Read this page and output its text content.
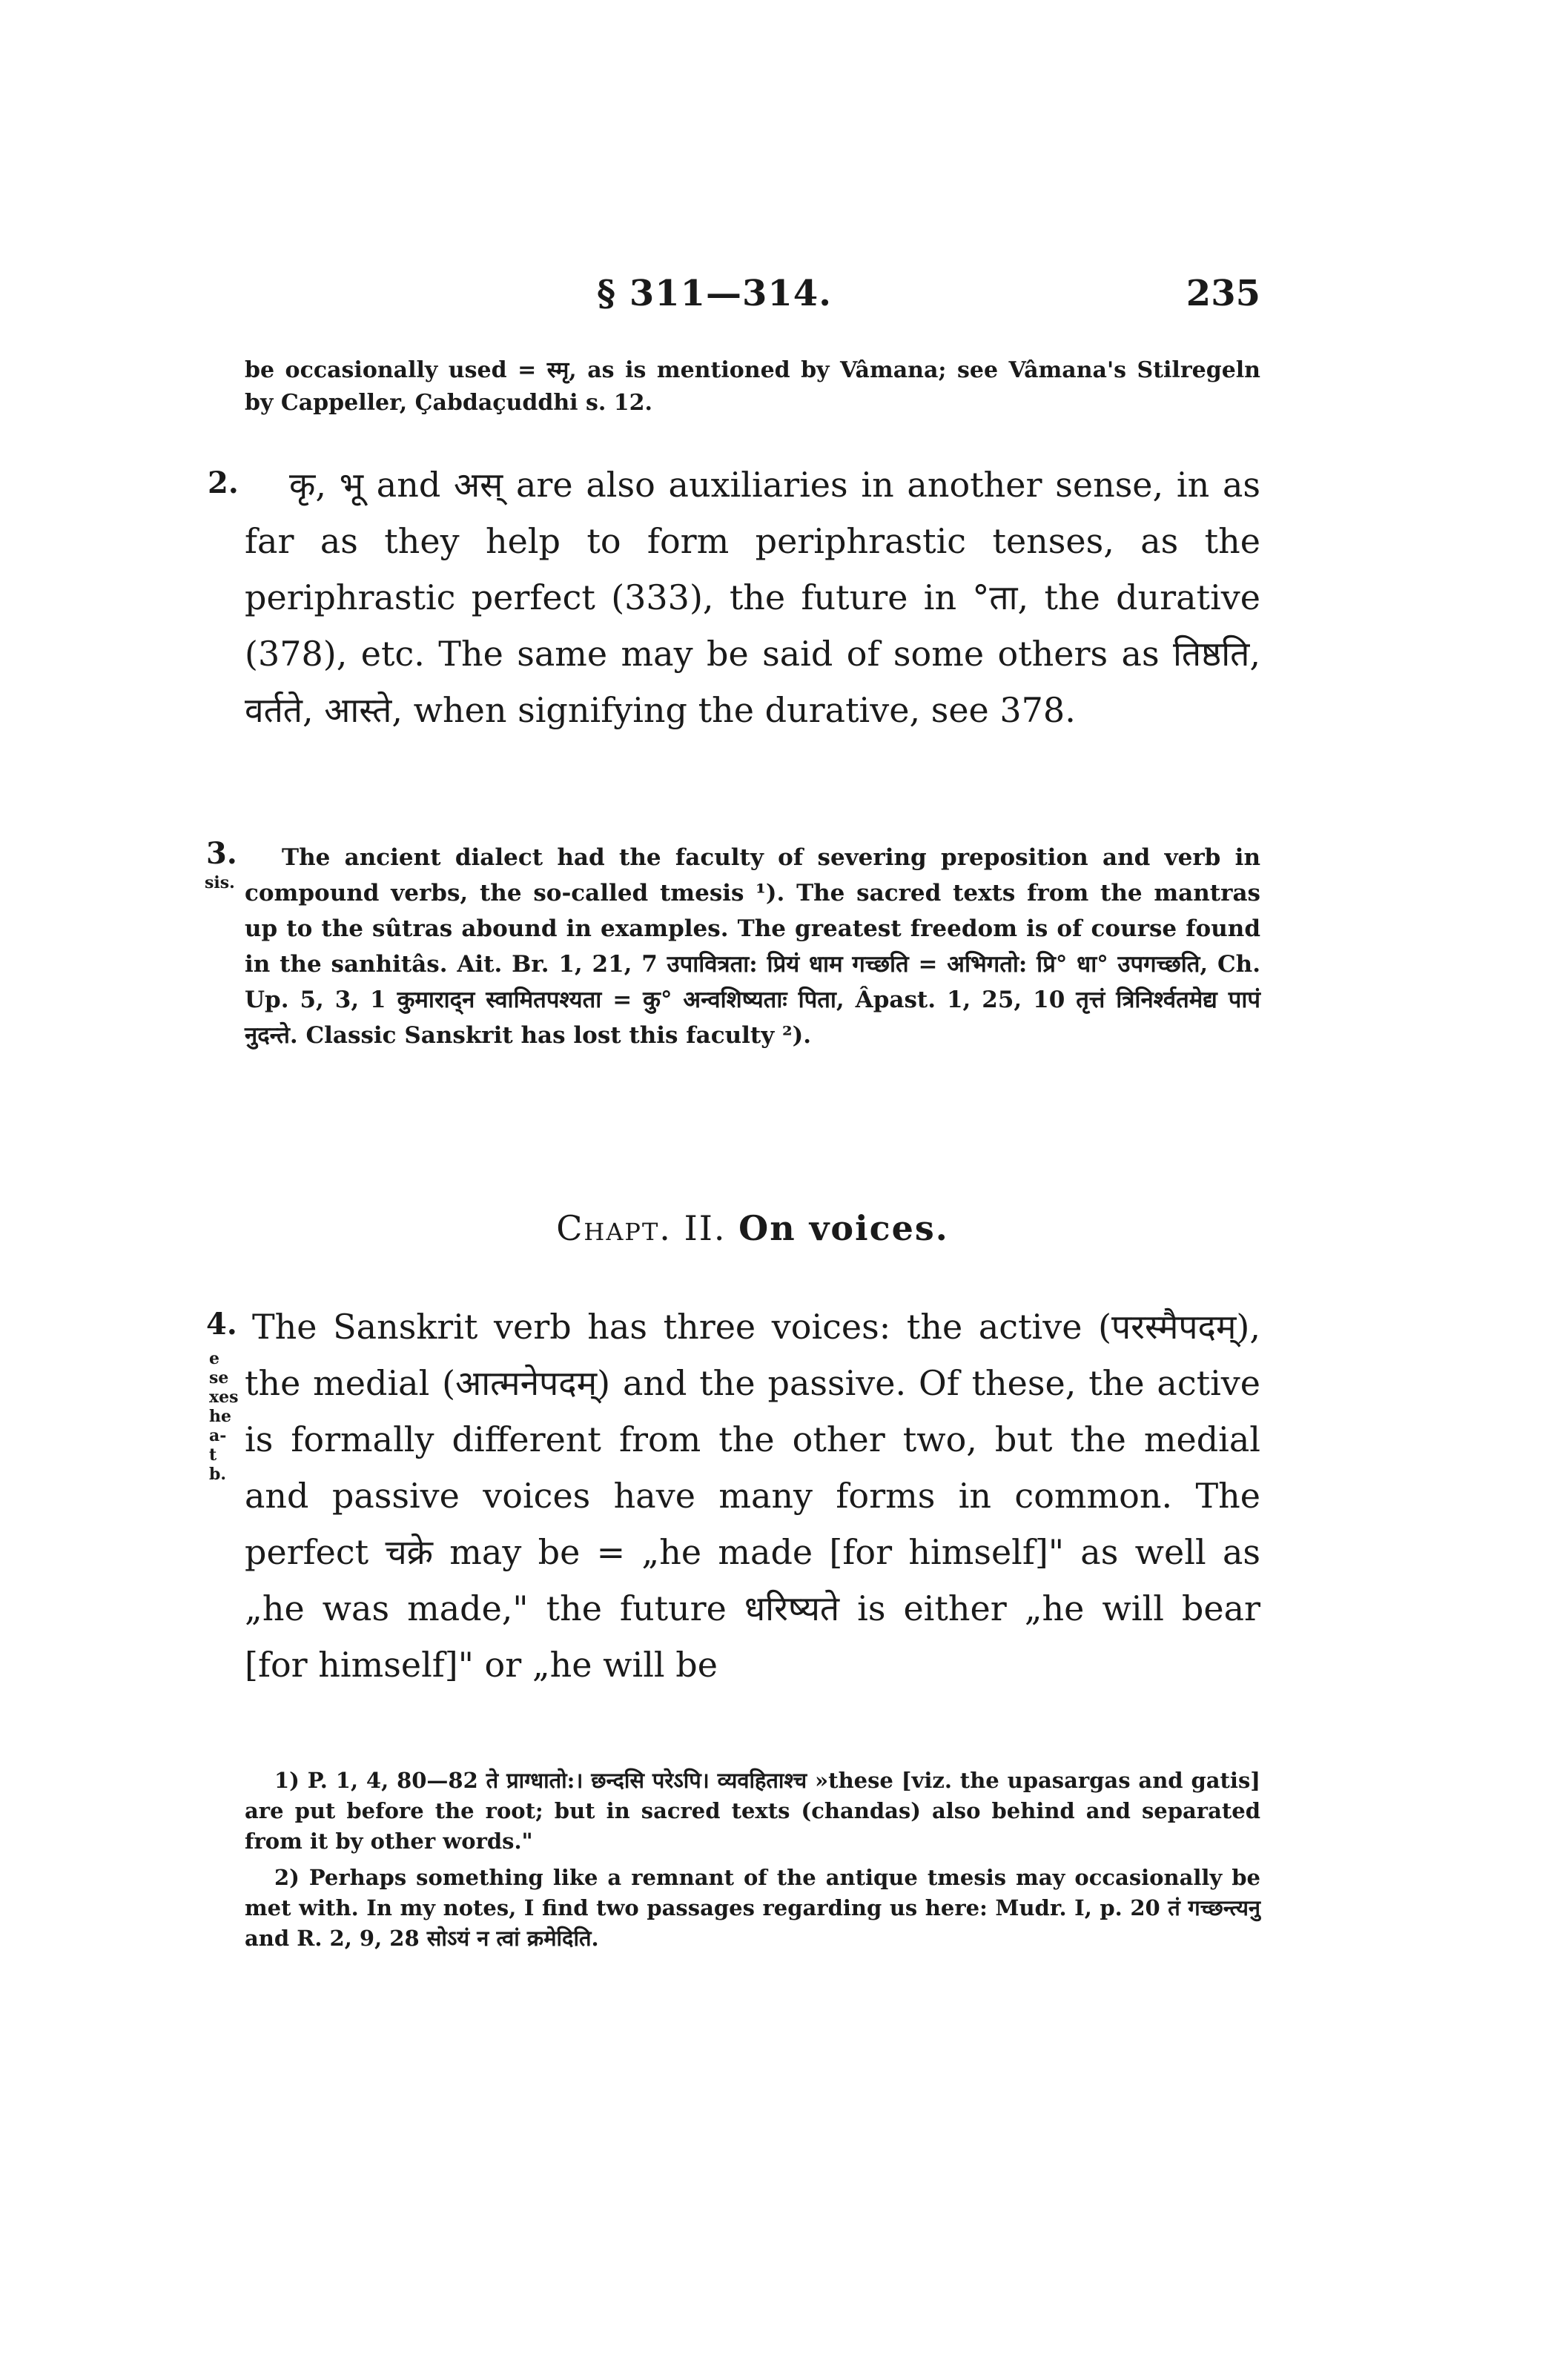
§ 311—314.	235

be occasionally used = स्मृ, as is mentioned by Vâmana; see Vâmana's Stilregeln by Cappeller, Çabdaçuddhi s. 12.

2.	कृ, भू and अस् are also auxiliaries in another sense, in as far as they help to form periphrastic tenses, as the periphrastic perfect (333), the future in °ता, the durative (378), etc. The same may be said of some others as तिष्ठति, वर्तते, आस्ते, when signifying the durative, see 378.

3.
sis.

The ancient dialect had the faculty of severing preposition and verb in compound verbs, the so-called tmesis ¹). The sacred texts from the mantras up to the sûtras abound in examples. The greatest freedom is of course found in the sanhitâs. Ait. Br. 1, 21, 7 उपावित्रता: प्रियं धाम गच्छति = अभिगतो: प्रि° धा° उपगच्छति, Ch. Up. 5, 3, 1 कुमाराद्न स्वामितपश्यता = कु° अन्वशिष्यताः पिता, Âpast. 1, 25, 10 तृत्तं त्रिनिर्श्वतमेद्य पापं नुदन्ते. Classic Sanskrit has lost this faculty ²).

Chapt. II. On voices.
4.
e
se
xes
he
a-
t
b.

The Sanskrit verb has three voices: the active (परस्मैपदम्), the medial (आत्मनेपदम्) and the passive. Of these, the active is formally different from the other two, but the medial and passive voices have many forms in common. The perfect चक्रे may be = „he made [for himself]" as well as „he was made," the future धरिष्यते is either „he will bear [for himself]" or „he will be

1) P. 1, 4, 80—82 ते प्राग्धातो:। छन्दसि परेऽपि। व्यवहिताश्च »these [viz. the upasargas and gatis] are put before the root; but in sacred texts (chandas) also behind and separated from it by other words."

2) Perhaps something like a remnant of the antique tmesis may occasionally be met with. In my notes, I find two passages regarding us here: Mudr. I, p. 20 तं गच्छन्त्यनु and R. 2, 9, 28 सोऽयं न त्वां क्रमेदिति.
